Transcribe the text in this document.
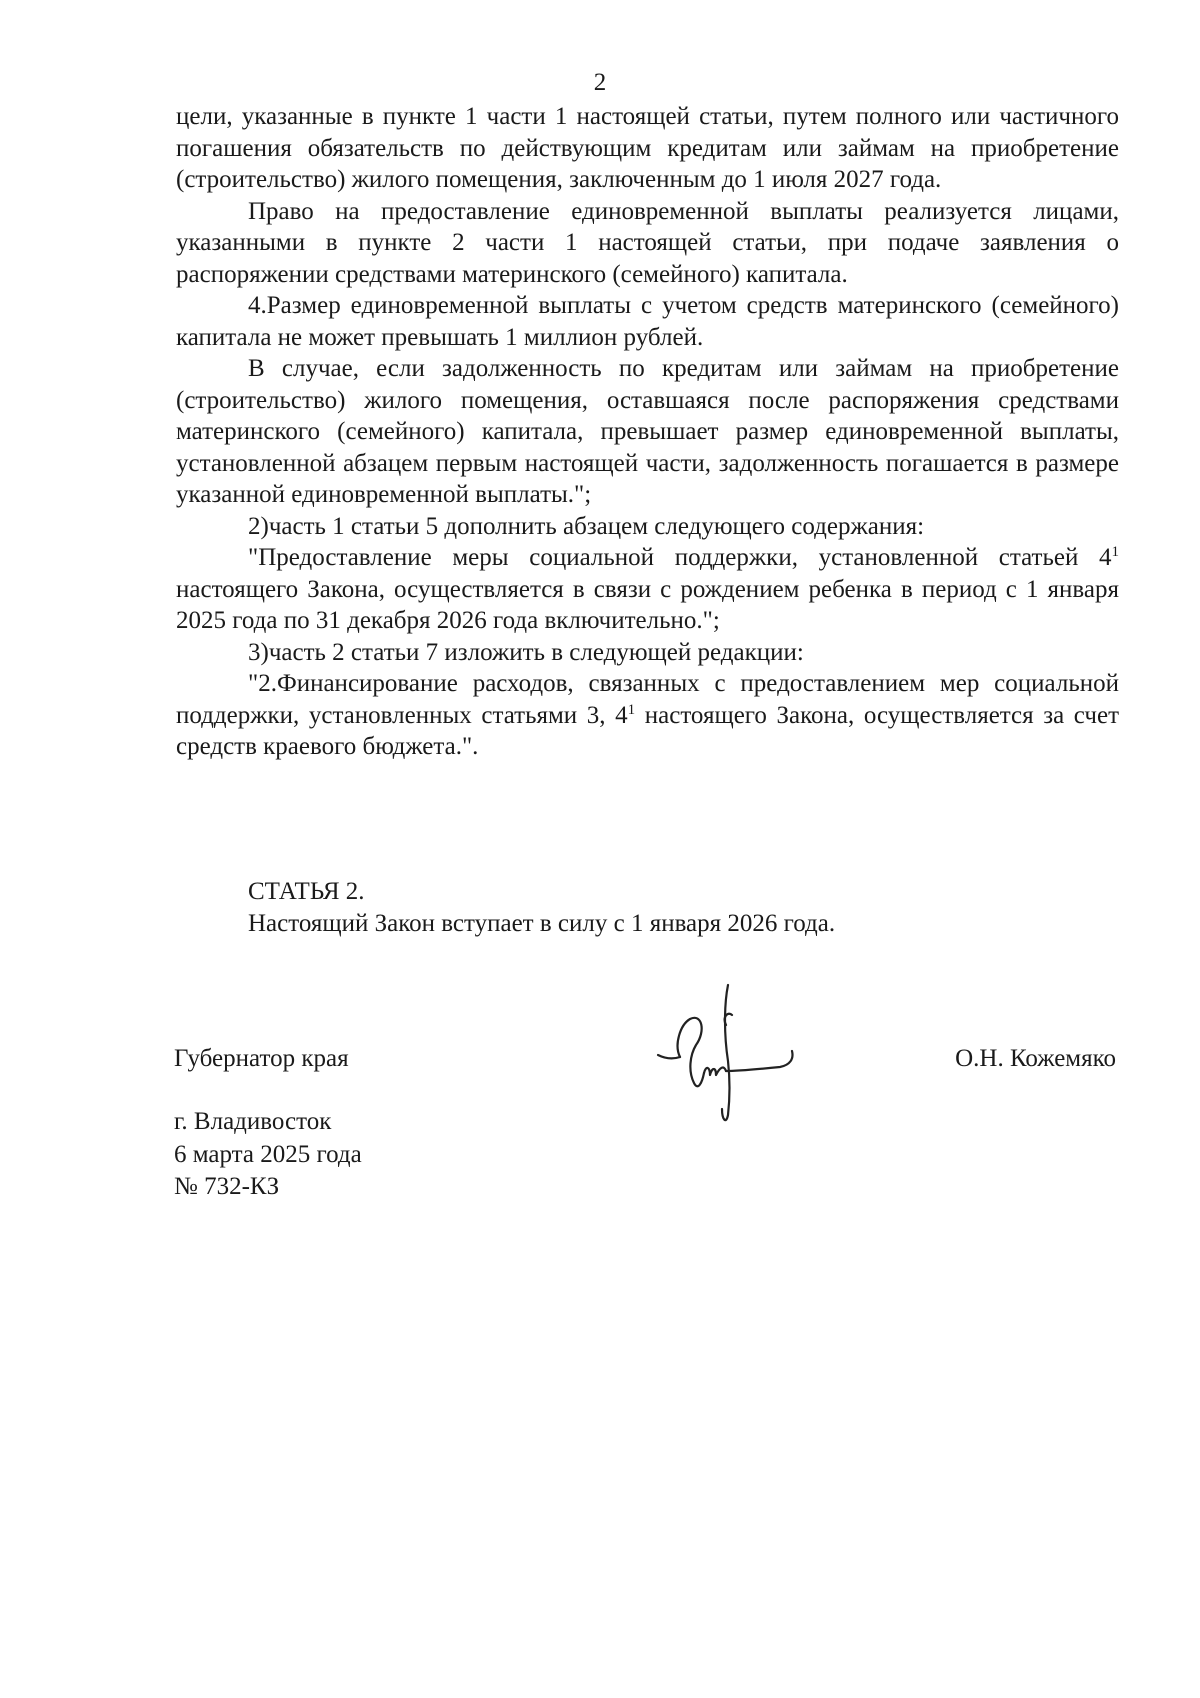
2

цели, указанные в пункте 1 части 1 настоящей статьи, путем полного или частичного погашения обязательств по действующим кредитам или займам на приобретение (строительство) жилого помещения, заключенным до 1 июля 2027 года.

Право на предоставление единовременной выплаты реализуется лицами, указанными в пункте 2 части 1 настоящей статьи, при подаче заявления о распоряжении средствами материнского (семейного) капитала.

4.Размер единовременной выплаты с учетом средств материнского (семейного) капитала не может превышать 1 миллион рублей.

В случае, если задолженность по кредитам или займам на приобретение (строительство) жилого помещения, оставшаяся после распоряжения средствами материнского (семейного) капитала, превышает размер единовременной выплаты, установленной абзацем первым настоящей части, задолженность погашается в размере указанной единовременной выплаты.";

2)часть 1 статьи 5 дополнить абзацем следующего содержания:

"Предоставление меры социальной поддержки, установленной статьей $4^1$ настоящего Закона, осуществляется в связи с рождением ребенка в период с 1 января 2025 года по 31 декабря 2026 года включительно.";

3)часть 2 статьи 7 изложить в следующей редакции:

"2.Финансирование расходов, связанных с предоставлением мер социальной поддержки, установленных статьями 3, $4^1$ настоящего Закона, осуществляется за счет средств краевого бюджета.".

СТАТЬЯ 2.

Настоящий Закон вступает в силу с 1 января 2026 года.

Губернатор края	О.Н. Кожемяко
г. Владивосток
6 марта 2025 года
№ 732-КЗ
